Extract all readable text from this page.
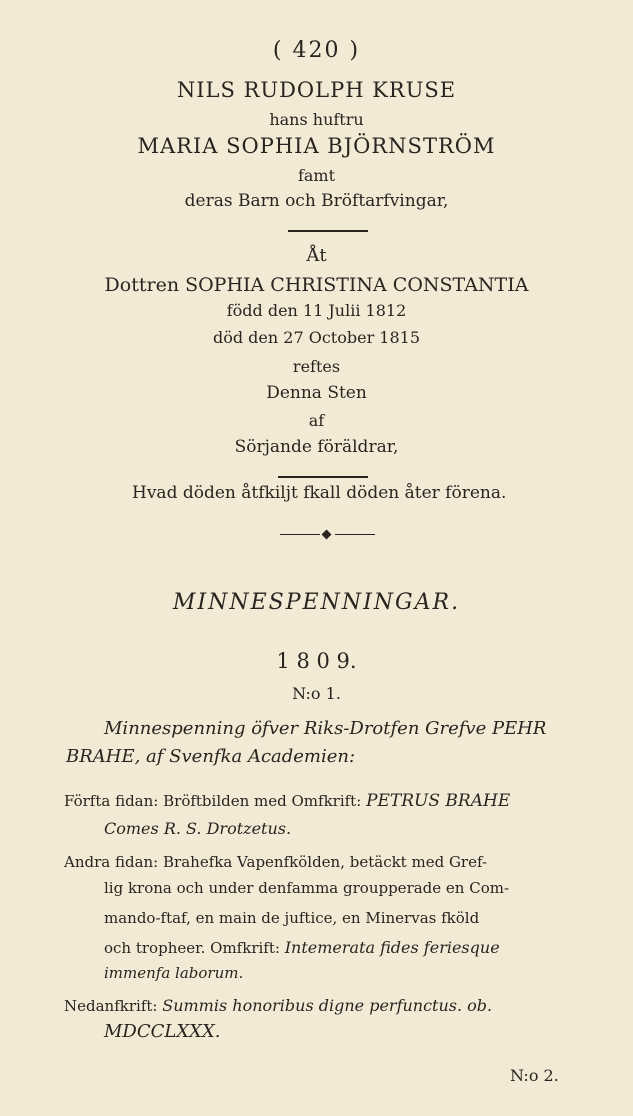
( 420 )
NILS RUDOLPH KRUSE
hans huftru
MARIA SOPHIA BJÖRNSTRÖM
famt
deras Barn och Bröftarfvingar,
Åt
Dottren SOPHIA CHRISTINA CONSTANTIA
född den 11 Julii 1812
död den 27 October 1815
reftes
Denna Sten
af
Sörjande föräldrar,
Hvad döden åtfkiljt fkall döden åter förena.
MINNESPENNINGAR.
1 8 0 9.
N:o 1.
Minnespenning öfver Riks-Drotfen Grefve PEHR
BRAHE, af Svenfka Academien:
Förfta fidan: Bröftbilden med Omfkrift: PETRUS BRAHE
Comes R. S. Drotzetus.
Andra fidan: Brahefka Vapenfkölden, betäckt med Gref-
lig krona och under denfamma groupperade en Com-
mando-ftaf, en main de juftice, en Minervas fköld
och tropheer. Omfkrift: Intemerata fides feriesque
immenfa laborum.
Nedanfkrift: Summis honoribus digne perfunctus. ob.
MDCCLXXX.
N:o 2.
